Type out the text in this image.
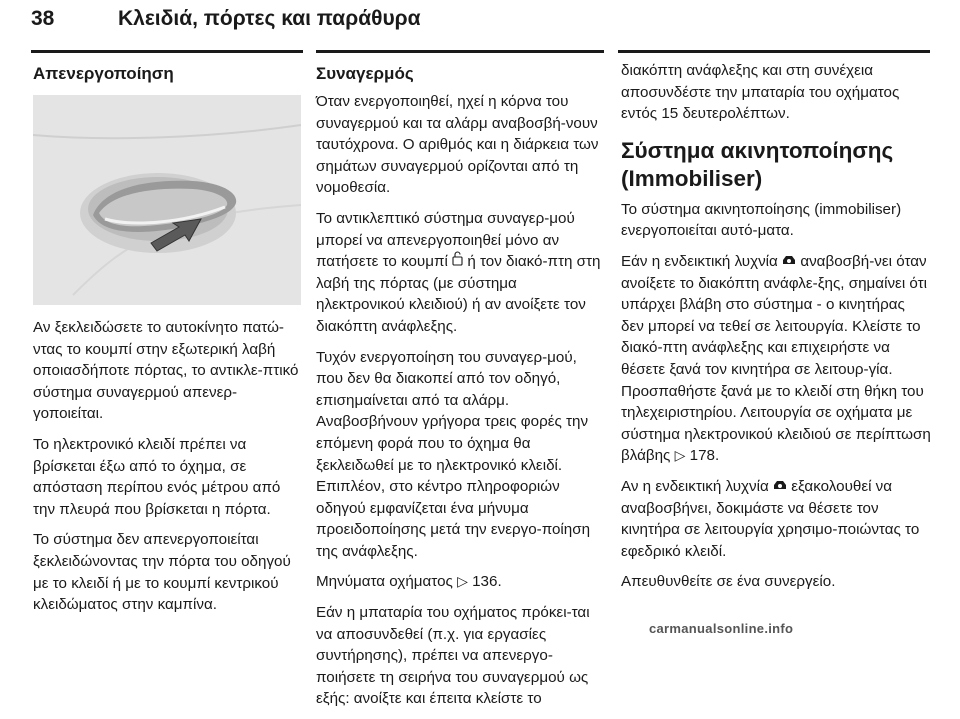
38	Κλειδιά, πόρτες και παράθυρα
Απενεργοποίηση

Αν ξεκλειδώσετε το αυτοκίνητο πατώ-ντας το κουμπί στην εξωτερική λαβή οποιασδήποτε πόρτας, το αντικλε-πτικό σύστημα συναγερμού απενερ-γοποιείται.

Το ηλεκτρονικό κλειδί πρέπει να βρίσκεται έξω από το όχημα, σε απόσταση περίπου ενός μέτρου από την πλευρά που βρίσκεται η πόρτα.

Το σύστημα δεν απενεργοποιείται ξεκλειδώνοντας την πόρτα του οδηγού με το κλειδί ή με το κουμπί κεντρικού κλειδώματος στην καμπίνα.

Συναγερμός

Όταν ενεργοποιηθεί, ηχεί η κόρνα του συναγερμού και τα αλάρμ αναβοσβή-νουν ταυτόχρονα. Ο αριθμός και η διάρκεια των σημάτων συναγερμού ορίζονται από τη νομοθεσία.

Το αντικλεπτικό σύστημα συναγερ-μού μπορεί να απενεργοποιηθεί μόνο αν πατήσετε το κουμπί ή τον διακό-πτη στη λαβή της πόρτας (με σύστημα ηλεκτρονικού κλειδιού) ή αν ανοίξετε τον διακόπτη ανάφλεξης.

Τυχόν ενεργοποίηση του συναγερ-μού, που δεν θα διακοπεί από τον οδηγό, επισημαίνεται από τα αλάρμ. Αναβοσβήνουν γρήγορα τρεις φορές την επόμενη φορά που το όχημα θα ξεκλειδωθεί με το ηλεκτρονικό κλειδί. Επιπλέον, στο κέντρο πληροφοριών οδηγού εμφανίζεται ένα μήνυμα προειδοποίησης μετά την ενεργο-ποίηση της ανάφλεξης.

Μηνύματα οχήματος ▷ 136.

Εάν η μπαταρία του οχήματος πρόκει-ται να αποσυνδεθεί (π.χ. για εργασίες συντήρησης), πρέπει να απενεργο-ποιήσετε τη σειρήνα του συναγερμού ως εξής: ανοίξτε και έπειτα κλείστε το

διακόπτη ανάφλεξης και στη συνέχεια αποσυνδέστε την μπαταρία του οχήματος εντός 15 δευτερολέπτων.

Σύστημα ακινητοποίησης
(Immobiliser)

Το σύστημα ακινητοποίησης (immobiliser) ενεργοποιείται αυτό-ματα.

Εάν η ενδεικτική λυχνία αναβοσβή-νει όταν ανοίξετε το διακόπτη ανάφλε-ξης, σημαίνει ότι υπάρχει βλάβη στο σύστημα - ο κινητήρας δεν μπορεί να τεθεί σε λειτουργία. Κλείστε το διακό-πτη ανάφλεξης και επιχειρήστε να θέσετε ξανά τον κινητήρα σε λειτουρ-γία. Προσπαθήστε ξανά με το κλειδί στη θήκη του τηλεχειριστηρίου. Λειτουργία σε οχήματα με σύστημα ηλεκτρονικού κλειδιού σε περίπτωση βλάβης ▷ 178.

Αν η ενδεικτική λυχνία εξακολουθεί να αναβοσβήνει, δοκιμάστε να θέσετε τον κινητήρα σε λειτουργία χρησιμο-ποιώντας το εφεδρικό κλειδί.

Απευθυνθείτε σε ένα συνεργείο.

carmanualsonline.info
